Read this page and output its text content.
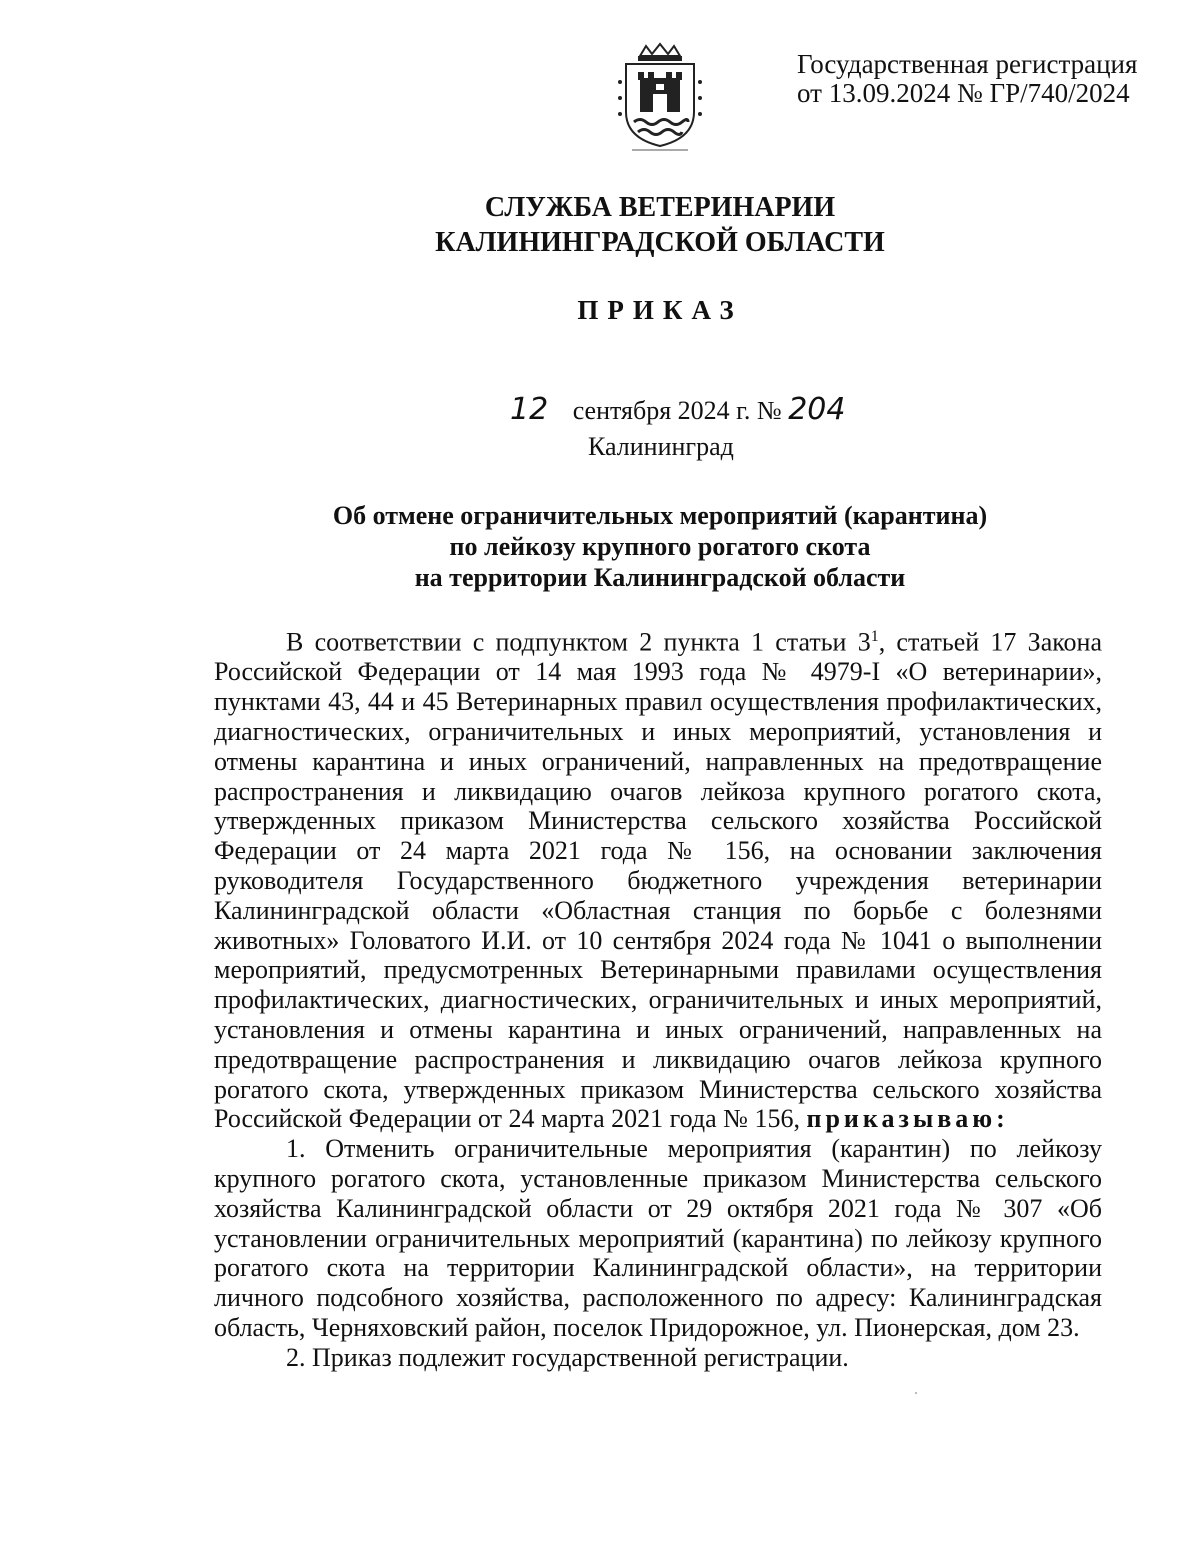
Государственная регистрация
от 13.09.2024 № ГР/740/2024
СЛУЖБА ВЕТЕРИНАРИИ
КАЛИНИНГРАДСКОЙ ОБЛАСТИ
ПРИКАЗ
12 сентября 2024 г. № 204
Калининград
Об отмене ограничительных мероприятий (карантина)
по лейкозу крупного рогатого скота
на территории Калининградской области

В соответствии с подпунктом 2 пункта 1 статьи $3^1$, статьей 17 Закона Российской Федерации от 14 мая 1993 года № 4979-I «О ветеринарии», пунктами 43, 44 и 45 Ветеринарных правил осуществления профилактических, диагностических, ограничительных и иных мероприятий, установления и отмены карантина и иных ограничений, направленных на предотвращение распространения и ликвидацию очагов лейкоза крупного рогатого скота, утвержденных приказом Министерства сельского хозяйства Российской Федерации от 24 марта 2021 года № 156, на основании заключения руководителя Государственного бюджетного учреждения ветеринарии Калининградской области «Областная станция по борьбе с болезнями животных» Головатого И.И. от 10 сентября 2024 года № 1041 о выполнении мероприятий, предусмотренных Ветеринарными правилами осуществления профилактических, диагностических, ограничительных и иных мероприятий, установления и отмены карантина и иных ограничений, направленных на предотвращение распространения и ликвидацию очагов лейкоза крупного рогатого скота, утвержденных приказом Министерства сельского хозяйства Российской Федерации от 24 марта 2021 года № 156, приказываю:

1. Отменить ограничительные мероприятия (карантин) по лейкозу крупного рогатого скота, установленные приказом Министерства сельского хозяйства Калининградской области от 29 октября 2021 года № 307 «Об установлении ограничительных мероприятий (карантина) по лейкозу крупного рогатого скота на территории Калининградской области», на территории личного подсобного хозяйства, расположенного по адресу: Калининградская область, Черняховский район, поселок Придорожное, ул. Пионерская, дом 23.

2. Приказ подлежит государственной регистрации.
